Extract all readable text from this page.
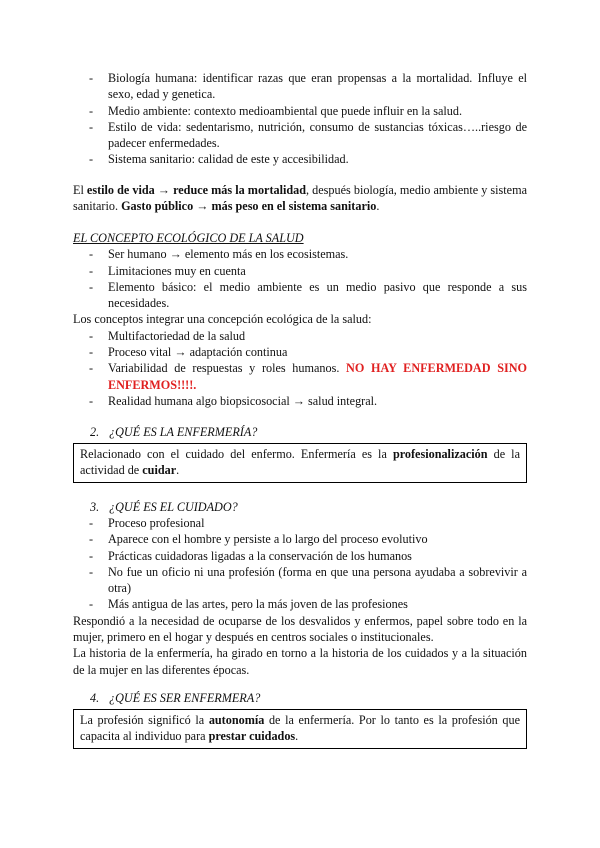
- Biología humana: identificar razas que eran propensas a la mortalidad. Influye el sexo, edad y genetica.
- Medio ambiente: contexto medioambiental que puede influir en la salud.
- Estilo de vida: sedentarismo, nutrición, consumo de sustancias tóxicas…..riesgo de padecer enfermedades.
- Sistema sanitario: calidad de este y accesibilidad.

El estilo de vida → reduce más la mortalidad, después biología, medio ambiente y sistema sanitario. Gasto público → más peso en el sistema sanitario.

EL CONCEPTO ECOLÓGICO DE LA SALUD

- Ser humano → elemento más en los ecosistemas.
- Limitaciones muy en cuenta
- Elemento básico: el medio ambiente es un medio pasivo que responde a sus necesidades.

Los conceptos integrar una concepción ecológica de la salud:

- Multifactoriedad de la salud
- Proceso vital → adaptación continua
- Variabilidad de respuestas y roles humanos. NO HAY ENFERMEDAD SINO ENFERMOS!!!!.
- Realidad humana algo biopsicosocial → salud integral.
2. ¿QUÉ ES LA ENFERMERÍA?
Relacionado con el cuidado del enfermo. Enfermería es la profesionalización de la actividad de cuidar.
3. ¿QUÉ ES EL CUIDADO?
- Proceso profesional
- Aparece con el hombre y persiste a lo largo del proceso evolutivo
- Prácticas cuidadoras ligadas a la conservación de los humanos
- No fue un oficio ni una profesión (forma en que una persona ayudaba a sobrevivir a otra)
- Más antigua de las artes, pero la más joven de las profesiones

Respondió a la necesidad de ocuparse de los desvalidos y enfermos, papel sobre todo en la mujer, primero en el hogar y después en centros sociales o institucionales.

La historia de la enfermería, ha girado en torno a la historia de los cuidados y a la situación de la mujer en las diferentes épocas.

4. ¿QUÉ ES SER ENFERMERA?
La profesión significó la autonomía de la enfermería. Por lo tanto es la profesión que capacita al individuo para prestar cuidados.
